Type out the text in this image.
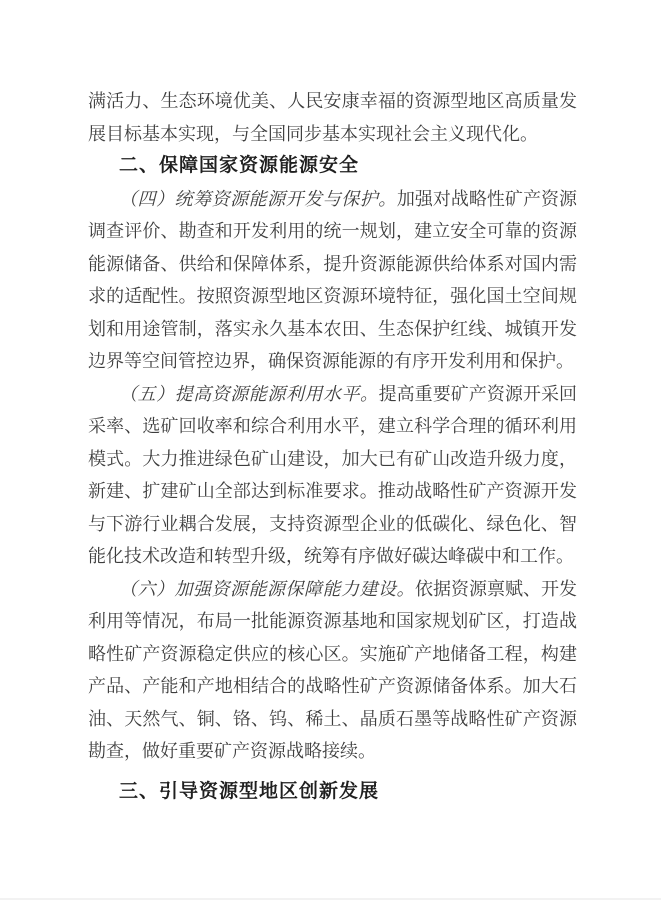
满活力、生态环境优美、人民安康幸福的资源型地区高质量发展目标基本实现，与全国同步基本实现社会主义现代化。

二、保障国家资源能源安全

（四）统筹资源能源开发与保护。加强对战略性矿产资源调查评价、勘查和开发利用的统一规划，建立安全可靠的资源能源储备、供给和保障体系，提升资源能源供给体系对国内需求的适配性。按照资源型地区资源环境特征，强化国土空间规划和用途管制，落实永久基本农田、生态保护红线、城镇开发边界等空间管控边界，确保资源能源的有序开发利用和保护。

（五）提高资源能源利用水平。提高重要矿产资源开采回采率、选矿回收率和综合利用水平，建立科学合理的循环利用模式。大力推进绿色矿山建设，加大已有矿山改造升级力度，新建、扩建矿山全部达到标准要求。推动战略性矿产资源开发与下游行业耦合发展，支持资源型企业的低碳化、绿色化、智能化技术改造和转型升级，统筹有序做好碳达峰碳中和工作。

（六）加强资源能源保障能力建设。依据资源禀赋、开发利用等情况，布局一批能源资源基地和国家规划矿区，打造战略性矿产资源稳定供应的核心区。实施矿产地储备工程，构建产品、产能和产地相结合的战略性矿产资源储备体系。加大石油、天然气、铜、铬、钨、稀土、晶质石墨等战略性矿产资源勘查，做好重要矿产资源战略接续。

三、引导资源型地区创新发展
